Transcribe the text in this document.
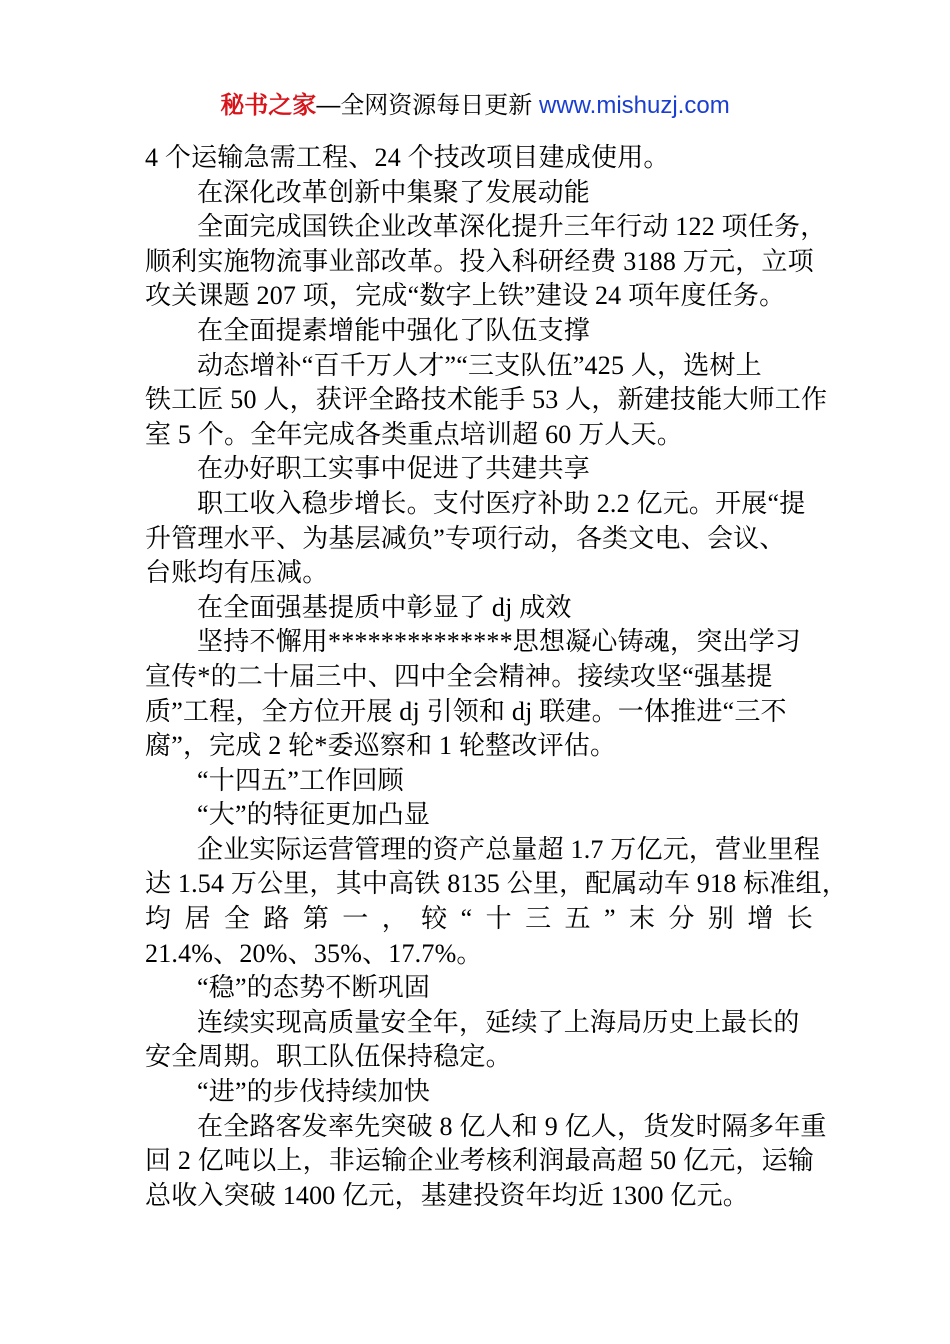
秘书之家—全网资源每日更新 www.mishuzj.com
4 个运输急需工程、24 个技改项目建成使用。
在深化改革创新中集聚了发展动能
全面完成国铁企业改革深化提升三年行动 122 项任务，
顺利实施物流事业部改革。投入科研经费 3188 万元，立项
攻关课题 207 项，完成“数字上铁”建设 24 项年度任务。
在全面提素增能中强化了队伍支撑
动态增补“百千万人才”“三支队伍”425 人，选树上
铁工匠 50 人，获评全路技术能手 53 人，新建技能大师工作
室 5 个。全年完成各类重点培训超 60 万人天。
在办好职工实事中促进了共建共享
职工收入稳步增长。支付医疗补助 2.2 亿元。开展“提
升管理水平、为基层减负”专项行动，各类文电、会议、
台账均有压减。
在全面强基提质中彰显了 dj 成效
坚持不懈用**************思想凝心铸魂，突出学习
宣传*的二十届三中、四中全会精神。接续攻坚“强基提
质”工程，全方位开展 dj 引领和 dj 联建。一体推进“三不
腐”，完成 2 轮*委巡察和 1 轮整改评估。
“十四五”工作回顾
“大”的特征更加凸显
企业实际运营管理的资产总量超 1.7 万亿元，营业里程
达 1.54 万公里，其中高铁 8135 公里，配属动车 918 标准组，
均 居 全 路 第 一 ， 较 “ 十 三 五 ” 末 分 别 增 长
21.4%、20%、35%、17.7%。
“稳”的态势不断巩固
连续实现高质量安全年，延续了上海局历史上最长的
安全周期。职工队伍保持稳定。
“进”的步伐持续加快
在全路客发率先突破 8 亿人和 9 亿人，货发时隔多年重
回 2 亿吨以上，非运输企业考核利润最高超 50 亿元，运输
总收入突破 1400 亿元，基建投资年均近 1300 亿元。
